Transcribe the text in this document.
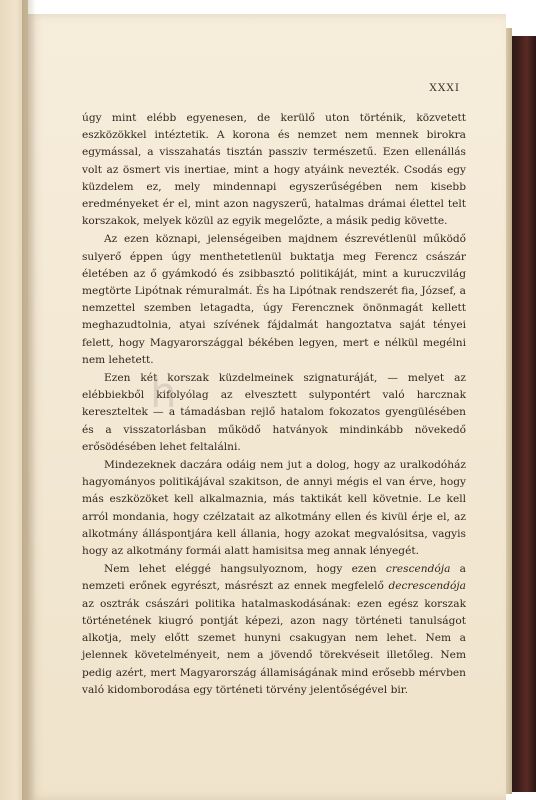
XXXI

úgy mint elébb egyenesen, de kerülő uton történik, közvetett eszközökkel intéztetik. A korona és nemzet nem mennek birokra egymással, a visszahatás tisztán passziv természetű. Ezen ellenállás volt az ösmert vis inertiae, mint a hogy atyáink nevezték. Csodás egy küzdelem ez, mely mindennapi egyszerűségében nem kisebb eredményeket ér el, mint azon nagyszerű, hatalmas drámai élettel telt korszakok, melyek közül az egyik megelőzte, a másik pedig követte.

Az ezen köznapi, jelenségeiben majdnem észrevétlenül működő sulyerő éppen úgy menthetetlenül buktatja meg Ferencz császár életében az ő gyámkodó és zsibbasztó politikáját, mint a kuruczvilág megtörte Lipótnak rémuralmát. És ha Lipótnak rendszerét fia, József, a nemzettel szemben letagadta, úgy Ferencznek önönmagát kellett meghazudtolnia, atyai szívének fájdalmát hangoztatva saját tényei felett, hogy Magyarországgal békében legyen, mert e nélkül megélni nem lehetett.

Ezen két korszak küzdelmeinek szignaturáját, — melyet az elébbiekből kifolyólag az elvesztett sulypontért való harcznak kereszteltek — a támadásban rejlő hatalom fokozatos gyengülésében és a visszatorlásban működő hatványok mindinkább növekedő erősödésében lehet feltalálni.

Mindezeknek daczára odáig nem jut a dolog, hogy az uralkodóház hagyományos politikájával szakitson, de annyi mégis el van érve, hogy más eszközöket kell alkalmaznia, más taktikát kell követnie. Le kell arról mondania, hogy czélzatait az alkotmány ellen és kivül érje el, az alkotmány álláspontjára kell állania, hogy azokat megvalósitsa, vagyis hogy az alkotmány formái alatt hamisitsa meg annak lényegét.

Nem lehet eléggé hangsulyoznom, hogy ezen crescendója a nemzeti erőnek egyrészt, másrészt az ennek megfelelő decrescendója az osztrák császári politika hatalmaskodásának: ezen egész korszak történetének kiugró pontját képezi, azon nagy történeti tanulságot alkotja, mely előtt szemet hunyni csakugyan nem lehet. Nem a jelennek követelményeit, nem a jövendő törekvéseit illetőleg. Nem pedig azért, mert Magyarország államiságának mind erősebb mérvben való kidomborodása egy történeti törvény jelentőségével bir.

h
